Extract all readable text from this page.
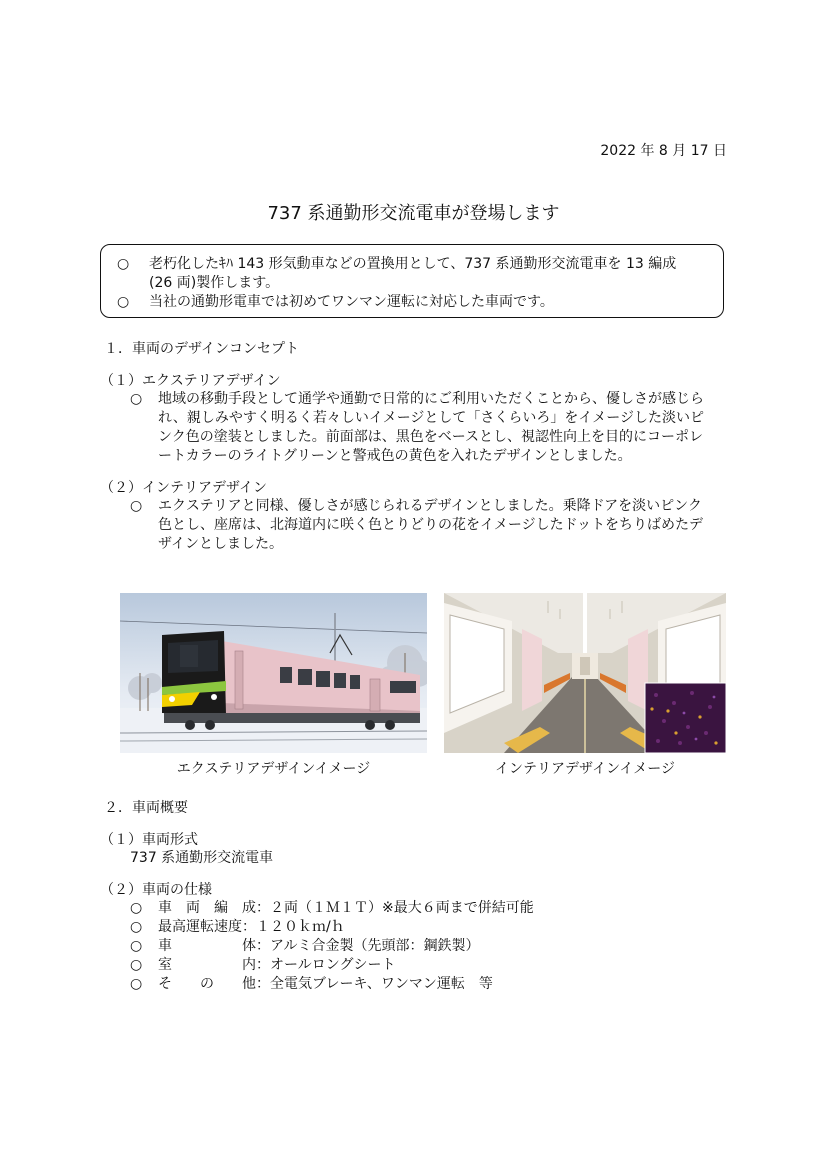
2022 年 8 月 17 日
737 系通勤形交流電車が登場します
○ 老朽化したｷﾊ 143 形気動車などの置換用として、737 系通勤形交流電車を 13 編成
(26 両)製作します。
○ 当社の通勤形電車では初めてワンマン運転に対応した車両です。
１．車両のデザインコンセプト
（１）エクステリアデザイン
○ 地域の移動手段として通学や通勤で日常的にご利用いただくことから、優しさが感じら
れ、親しみやすく明るく若々しいイメージとして「さくらいろ」をイメージした淡いピ
ンク色の塗装としました。前面部は、黒色をベースとし、視認性向上を目的にコーポレ
ートカラーのライトグリーンと警戒色の黄色を入れたデザインとしました。
（２）インテリアデザイン
○ エクステリアと同様、優しさが感じられるデザインとしました。乗降ドアを淡いピンク
色とし、座席は、北海道内に咲く色とりどりの花をイメージしたドットをちりばめたデ
ザインとしました。
エクステリアデザインイメージ	インテリアデザインイメージ
２．車両概要
（１）車両形式
737 系通勤形交流電車
（２）車両の仕様
○ 車　両　編　成：２両（１Ｍ１Ｔ）※最大６両まで併結可能
○ 最高運転速度：１２０ｋｍ/ｈ
○ 車　　　　　体：アルミ合金製（先頭部：鋼鉄製）
○ 室　　　　　内：オールロングシート
○ そ　　の　　他：全電気ブレーキ、ワンマン運転　等
